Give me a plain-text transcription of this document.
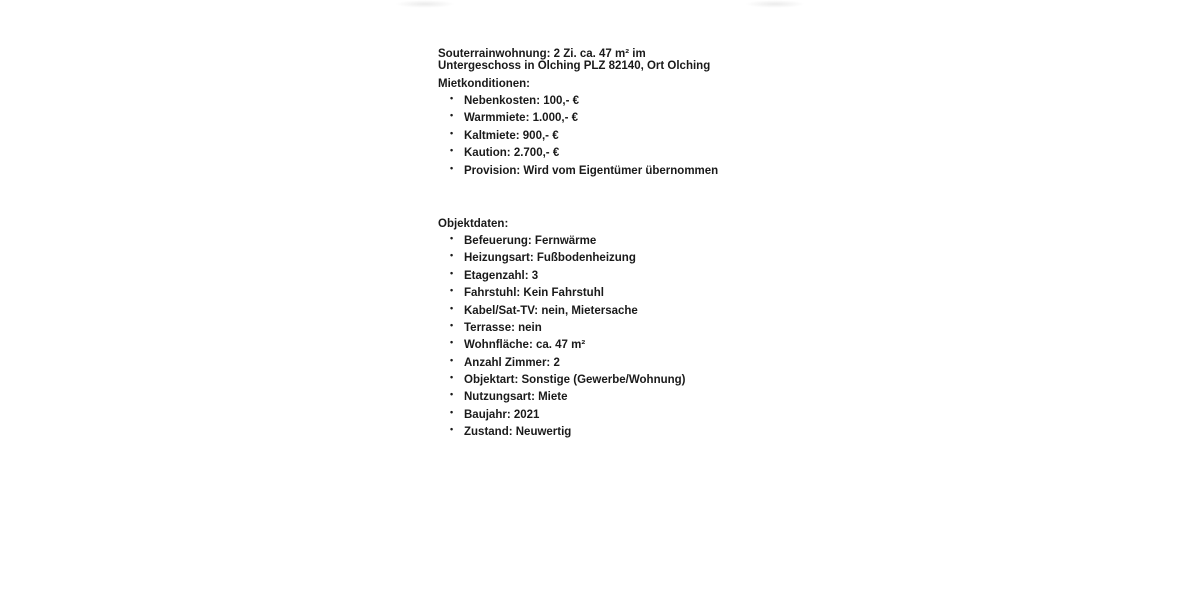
Souterrainwohnung: 2 Zi. ca. 47 m² im Untergeschoss in Olching PLZ 82140, Ort Olching

Mietkonditionen:

• Nebenkosten: 100,- €
• Warmmiete: 1.000,- €
• Kaltmiete: 900,- €
• Kaution: 2.700,- €
• Provision: Wird vom Eigentümer übernommen

Objektdaten:

• Befeuerung: Fernwärme
• Heizungsart: Fußbodenheizung
• Etagenzahl: 3
• Fahrstuhl: Kein Fahrstuhl
• Kabel/Sat-TV: nein, Mietersache
• Terrasse: nein
• Wohnfläche: ca. 47 m²
• Anzahl Zimmer: 2
• Objektart: Sonstige (Gewerbe/Wohnung)
• Nutzungsart: Miete
• Baujahr: 2021
• Zustand: Neuwertig
